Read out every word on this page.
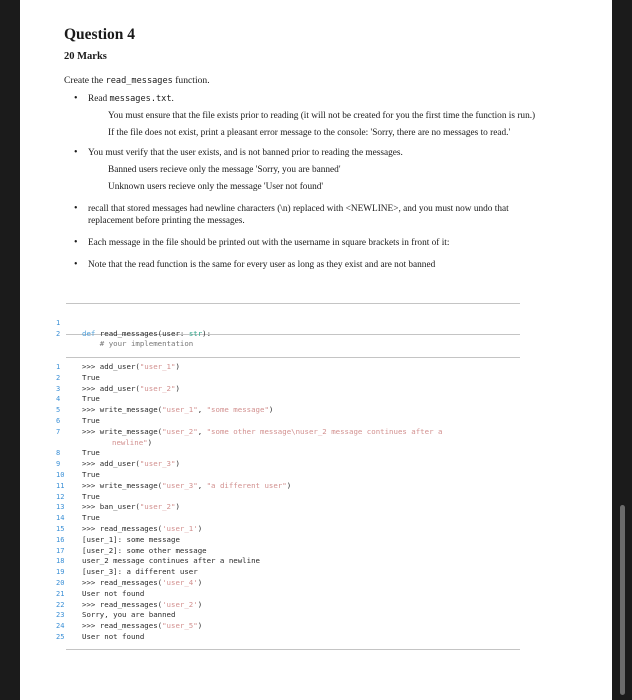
Question 4
20 Marks
Create the read_messages function.
• Read messages.txt.
You must ensure that the file exists prior to reading (it will not be created for you the first time the function is run.)
If the file does not exist, print a pleasant error message to the console: 'Sorry, there are no messages to read.'
• You must verify that the user exists, and is not banned prior to reading the messages.
Banned users recieve only the message 'Sorry, you are banned'
Unknown users recieve only the message 'User not found'
• recall that stored messages had newline characters (\n) replaced with <NEWLINE>, and you must now undo that replacement before printing the messages.
• Each message in the file should be printed out with the username in square brackets in front of it:
• Note that the read function is the same for every user as long as they exist and are not banned

1

def read_messages(user: str):

2

# your implementation

1	>>> add_user("user_1")
2	True
3	>>> add_user("user_2")
4	True
5	>>> write_message("user_1", "some message")
6	True
7	>>> write_message("user_2", "some other message\nuser_2 message continues after a
newline")
8	True
9	>>> add_user("user_3")
10 True
11 >>> write_message("user_3", "a different user")
12 True
13 >>> ban_user("user_2")
14 True
15 >>> read_messages('user_1')
16 [user_1]: some message
17 [user_2]: some other message
18 user_2 message continues after a newline
19 [user_3]: a different user
20 >>> read_messages('user_4')
21 User not found
22 >>> read_messages('user_2')
23 Sorry, you are banned
24 >>> read_messages("user_5")
25 User not found
